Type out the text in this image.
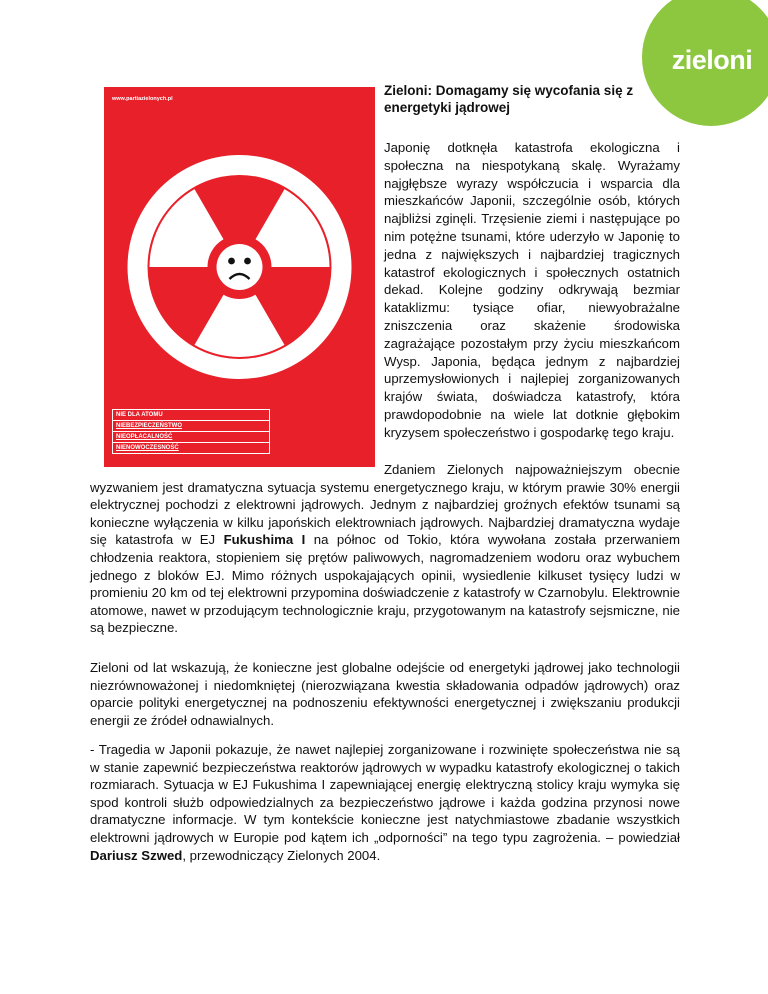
zieloni
www.partiazielonych.pl
NIE DLA ATOMU
NIEBEZPIECZEŃSTWO
NIEOPŁACALNOŚĆ
NIENOWOCZESNOŚĆ
Zieloni: Domagamy się wycofania się z energetyki jądrowej
Japonię dotknęła katastrofa ekologiczna i społeczna na niespotykaną skalę. Wyrażamy najgłębsze wyrazy współczucia i wsparcia dla mieszkańców Japonii, szczególnie osób, których najbliżsi zginęli. Trzęsienie ziemi i następujące po nim potężne tsunami, które uderzyło w Japonię to jedna z największych i najbardziej tragicznych katastrof ekologicznych i społecznych ostatnich dekad. Kolejne godziny odkrywają bezmiar kataklizmu: tysiące ofiar, niewyobrażalne zniszczenia oraz skażenie środowiska zagrażające pozostałym przy życiu mieszkańcom Wysp. Japonia, będąca jednym z najbardziej uprzemysłowionych i najlepiej zorganizowanych krajów świata, doświadcza katastrofy, która prawdopodobnie na wiele lat dotknie głębokim kryzysem społeczeństwo i gospodarkę tego kraju.

Zdaniem Zielonych najpoważniejszym obecnie wyzwaniem jest dramatyczna sytuacja systemu energetycznego kraju, w którym prawie 30% energii elektrycznej pochodzi z elektrowni jądrowych. Jednym z najbardziej groźnych efektów tsunami są konieczne wyłączenia w kilku japońskich elektrowniach jądrowych. Najbardziej dramatyczna wydaje się katastrofa w EJ Fukushima I na północ od Tokio, która wywołana została przerwaniem chłodzenia reaktora, stopieniem się prętów paliwowych, nagromadzeniem wodoru oraz wybuchem jednego z bloków EJ. Mimo różnych uspokajających opinii, wysiedlenie kilkuset tysięcy ludzi w promieniu 20 km od tej elektrowni przypomina doświadczenie z katastrofy w Czarnobylu. Elektrownie atomowe, nawet w przodującym technologicznie kraju, przygotowanym na katastrofy sejsmiczne, nie są bezpieczne.

Zieloni od lat wskazują, że konieczne jest globalne odejście od energetyki jądrowej jako technologii niezrównoważonej i niedomkniętej (nierozwiązana kwestia składowania odpadów jądrowych) oraz oparcie polityki energetycznej na podnoszeniu efektywności energetycznej i zwiększaniu produkcji energii ze źródeł odnawialnych.

- Tragedia w Japonii pokazuje, że nawet najlepiej zorganizowane i rozwinięte społeczeństwa nie są w stanie zapewnić bezpieczeństwa reaktorów jądrowych w wypadku katastrofy ekologicznej o takich rozmiarach. Sytuacja w EJ Fukushima I zapewniającej energię elektryczną stolicy kraju wymyka się spod kontroli służb odpowiedzialnych za bezpieczeństwo jądrowe i każda godzina przynosi nowe dramatyczne informacje. W tym kontekście konieczne jest natychmiastowe zbadanie wszystkich elektrowni jądrowych w Europie pod kątem ich „odporności” na tego typu zagrożenia. – powiedział Dariusz Szwed, przewodniczący Zielonych 2004.
